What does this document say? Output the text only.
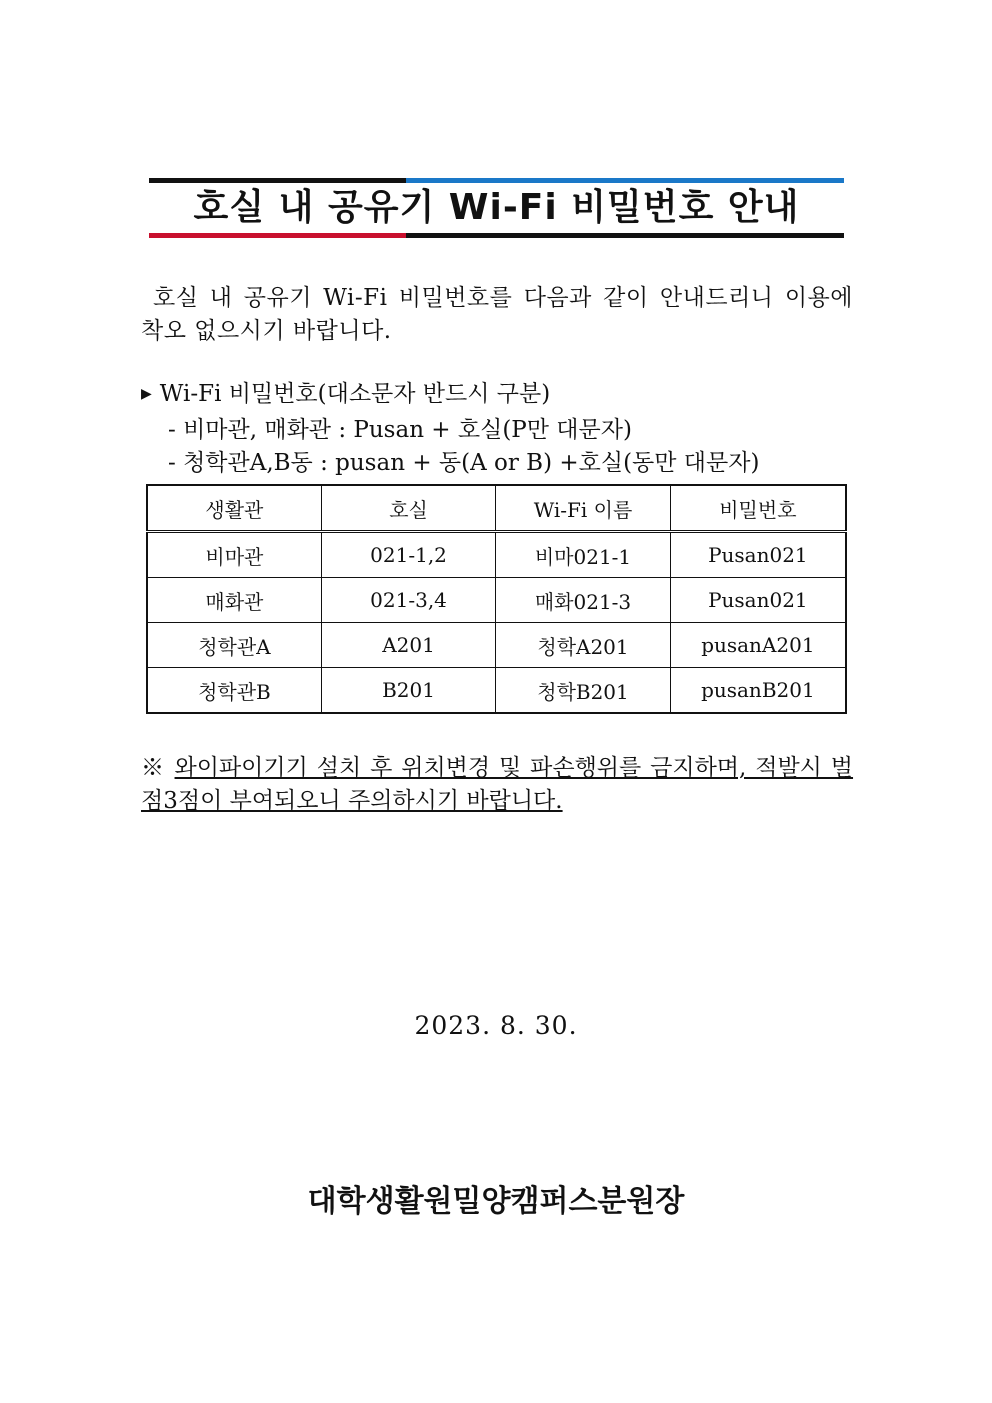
호실 내 공유기 Wi-Fi 비밀번호 안내
호실 내 공유기 Wi-Fi 비밀번호를 다음과 같이 안내드리니 이용에 착오 없으시기 바랍니다.
▶ Wi-Fi 비밀번호(대소문자 반드시 구분)
- 비마관, 매화관 : Pusan + 호실(P만 대문자)
- 청학관A,B동 : pusan + 동(A or B) +호실(동만 대문자)
생활관	호실	Wi-Fi 이름	비밀번호
비마관	021-1,2	비마021-1	Pusan021
매화관	021-3,4	매화021-3	Pusan021
청학관A	A201	청학A201	pusanA201
청학관B	B201	청학B201	pusanB201
※ 와이파이기기 설치 후 위치변경 및 파손행위를 금지하며, 적발시 벌점3점이 부여되오니 주의하시기 바랍니다.
2023. 8. 30.
대학생활원밀양캠퍼스분원장
